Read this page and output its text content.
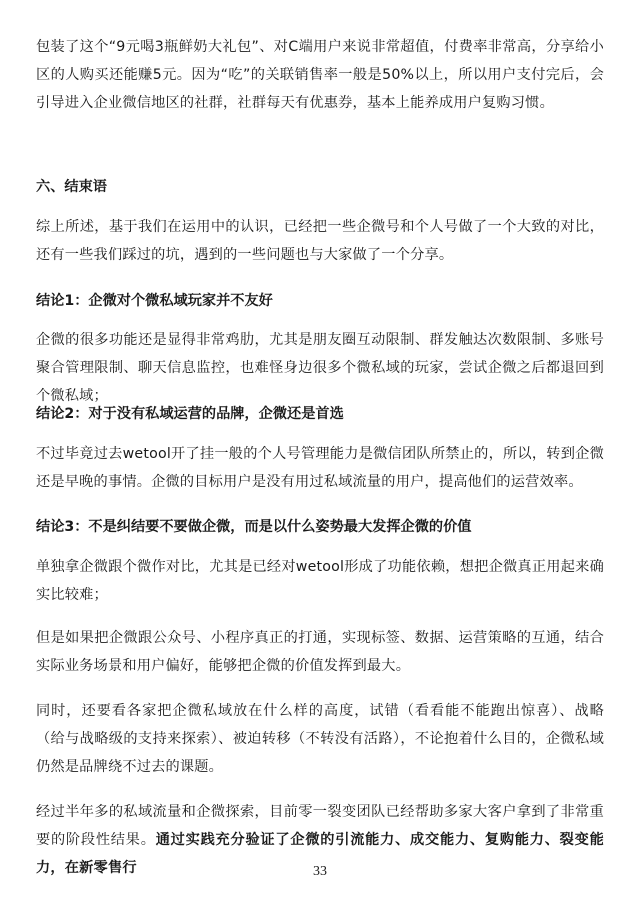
包装了这个“9元喝3瓶鲜奶大礼包”、对C端用户来说非常超值，付费率非常高，分享给小区的人购买还能赚5元。因为“吃”的关联销售率一般是50%以上，所以用户支付完后，会引导进入企业微信地区的社群，社群每天有优惠券，基本上能养成用户复购习惯。

六、结束语

综上所述，基于我们在运用中的认识，已经把一些企微号和个人号做了一个大致的对比，还有一些我们踩过的坑，遇到的一些问题也与大家做了一个分享。

结论1：企微对个微私域玩家并不友好

企微的很多功能还是显得非常鸡肋，尤其是朋友圈互动限制、群发触达次数限制、多账号聚合管理限制、聊天信息监控，也难怪身边很多个微私域的玩家，尝试企微之后都退回到个微私域；

结论2：对于没有私域运营的品牌，企微还是首选

不过毕竟过去wetool开了挂一般的个人号管理能力是微信团队所禁止的，所以，转到企微还是早晚的事情。企微的目标用户是没有用过私域流量的用户，提高他们的运营效率。

结论3：不是纠结要不要做企微，而是以什么姿势最大发挥企微的价值

单独拿企微跟个微作对比，尤其是已经对wetool形成了功能依赖，想把企微真正用起来确实比较难；

但是如果把企微跟公众号、小程序真正的打通，实现标签、数据、运营策略的互通，结合实际业务场景和用户偏好，能够把企微的价值发挥到最大。

同时，还要看各家把企微私域放在什么样的高度，试错（看看能不能跑出惊喜）、战略（给与战略级的支持来探索）、被迫转移（不转没有活路），不论抱着什么目的，企微私域仍然是品牌绕不过去的课题。

经过半年多的私域流量和企微探索，目前零一裂变团队已经帮助多家大客户拿到了非常重要的阶段性结果。通过实践充分验证了企微的引流能力、成交能力、复购能力、裂变能力，在新零售行	33
